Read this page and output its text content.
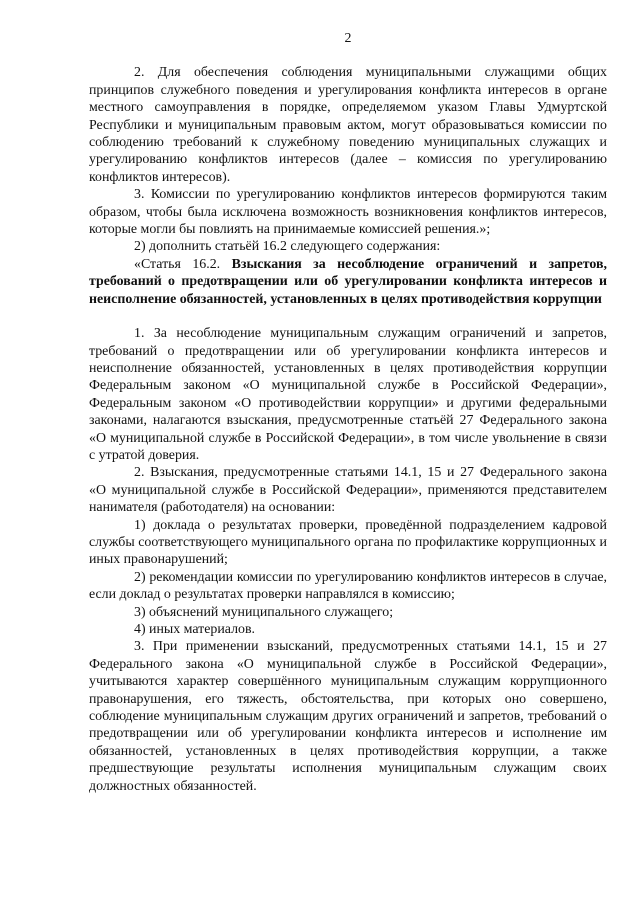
2

2. Для обеспечения соблюдения муниципальными служащими общих принципов служебного поведения и урегулирования конфликта интересов в органе местного самоуправления в порядке, определяемом указом Главы Удмуртской Республики и муниципальным правовым актом, могут образовываться комиссии по соблюдению требований к служебному поведению муниципальных служащих и урегулированию конфликтов интересов (далее – комиссия по урегулированию конфликтов интересов).

3. Комиссии по урегулированию конфликтов интересов формируются таким образом, чтобы была исключена возможность возникновения конфликтов интересов, которые могли бы повлиять на принимаемые комиссией решения.»;

2) дополнить статьёй 16.2 следующего содержания:

«Статья 16.2. Взыскания за несоблюдение ограничений и запретов, требований о предотвращении или об урегулировании конфликта интересов и неисполнение обязанностей, установленных в целях противодействия коррупции

1. За несоблюдение муниципальным служащим ограничений и запретов, требований о предотвращении или об урегулировании конфликта интересов и неисполнение обязанностей, установленных в целях противодействия коррупции Федеральным законом «О муниципальной службе в Российской Федерации», Федеральным законом «О противодействии коррупции» и другими федеральными законами, налагаются взыскания, предусмотренные статьёй 27 Федерального закона «О муниципальной службе в Российской Федерации», в том числе увольнение в связи с утратой доверия.

2. Взыскания, предусмотренные статьями 14.1, 15 и 27 Федерального закона «О муниципальной службе в Российской Федерации», применяются представителем нанимателя (работодателя) на основании:

1) доклада о результатах проверки, проведённой подразделением кадровой службы соответствующего муниципального органа по профилактике коррупционных и иных правонарушений;

2) рекомендации комиссии по урегулированию конфликтов интересов в случае, если доклад о результатах проверки направлялся в комиссию;

3) объяснений муниципального служащего;

4) иных материалов.

3. При применении взысканий, предусмотренных статьями 14.1, 15 и 27 Федерального закона «О муниципальной службе в Российской Федерации», учитываются характер совершённого муниципальным служащим коррупционного правонарушения, его тяжесть, обстоятельства, при которых оно совершено, соблюдение муниципальным служащим других ограничений и запретов, требований о предотвращении или об урегулировании конфликта интересов и исполнение им обязанностей, установленных в целях противодействия коррупции, а также предшествующие результаты исполнения муниципальным служащим своих должностных обязанностей.
